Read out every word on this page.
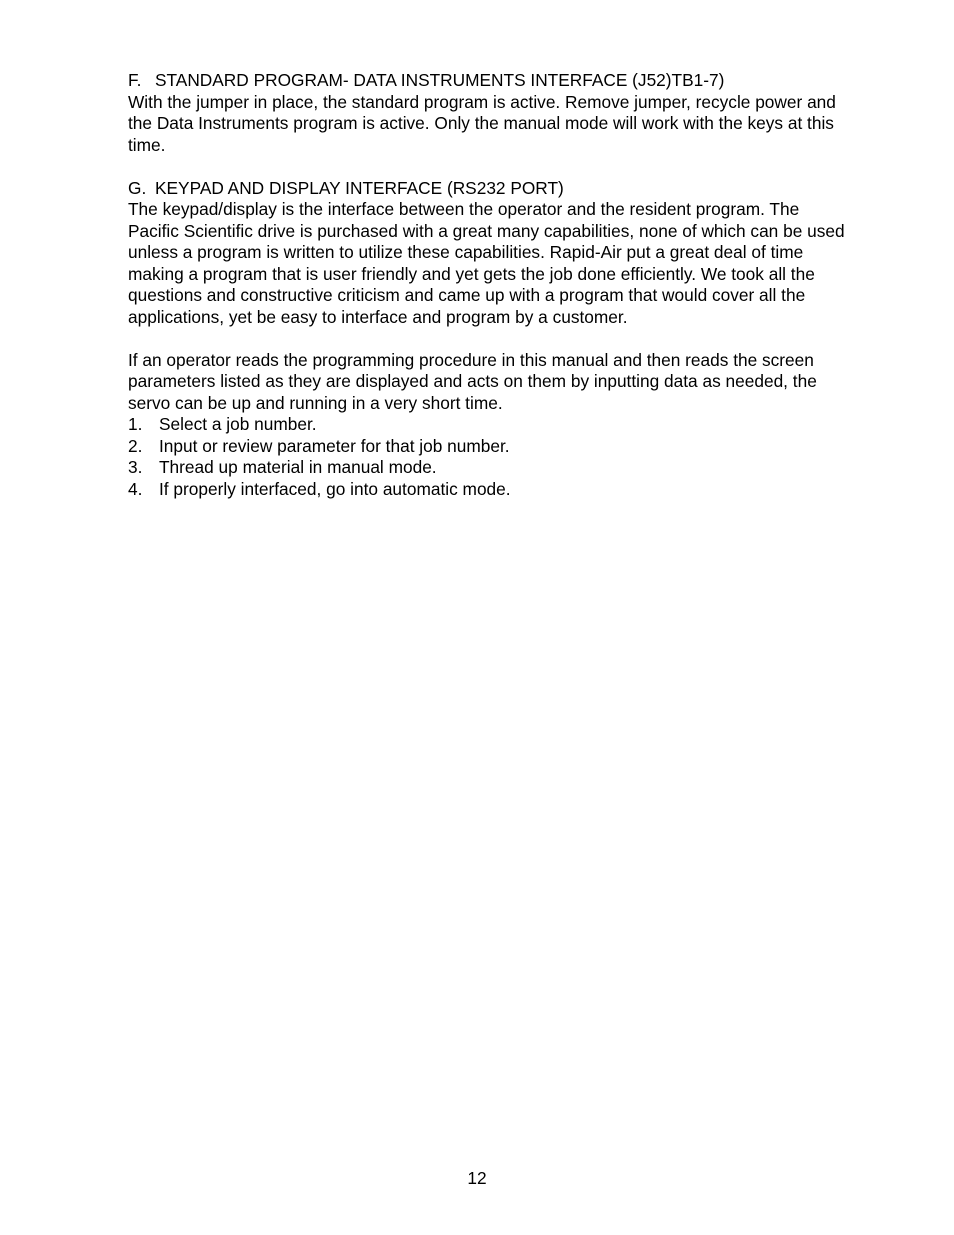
F. STANDARD PROGRAM- DATA INSTRUMENTS INTERFACE (J52)TB1-7)

With the jumper in place, the standard program is active. Remove jumper, recycle power and the Data Instruments program is active. Only the manual mode will work with the keys at this time.

G. KEYPAD AND DISPLAY INTERFACE (RS232 PORT)

The keypad/display is the interface between the operator and the resident program. The Pacific Scientific drive is purchased with a great many capabilities, none of which can be used unless a program is written to utilize these capabilities. Rapid-Air put a great deal of time making a program that is user friendly and yet gets the job done efficiently. We took all the questions and constructive criticism and came up with a program that would cover all the applications, yet be easy to interface and program by a customer.

If an operator reads the programming procedure in this manual and then reads the screen parameters listed as they are displayed and acts on them by inputting data as needed, the servo can be up and running in a very short time.

1. Select a job number.
2. Input or review parameter for that job number.
3. Thread up material in manual mode.
4. If properly interfaced, go into automatic mode.
12
